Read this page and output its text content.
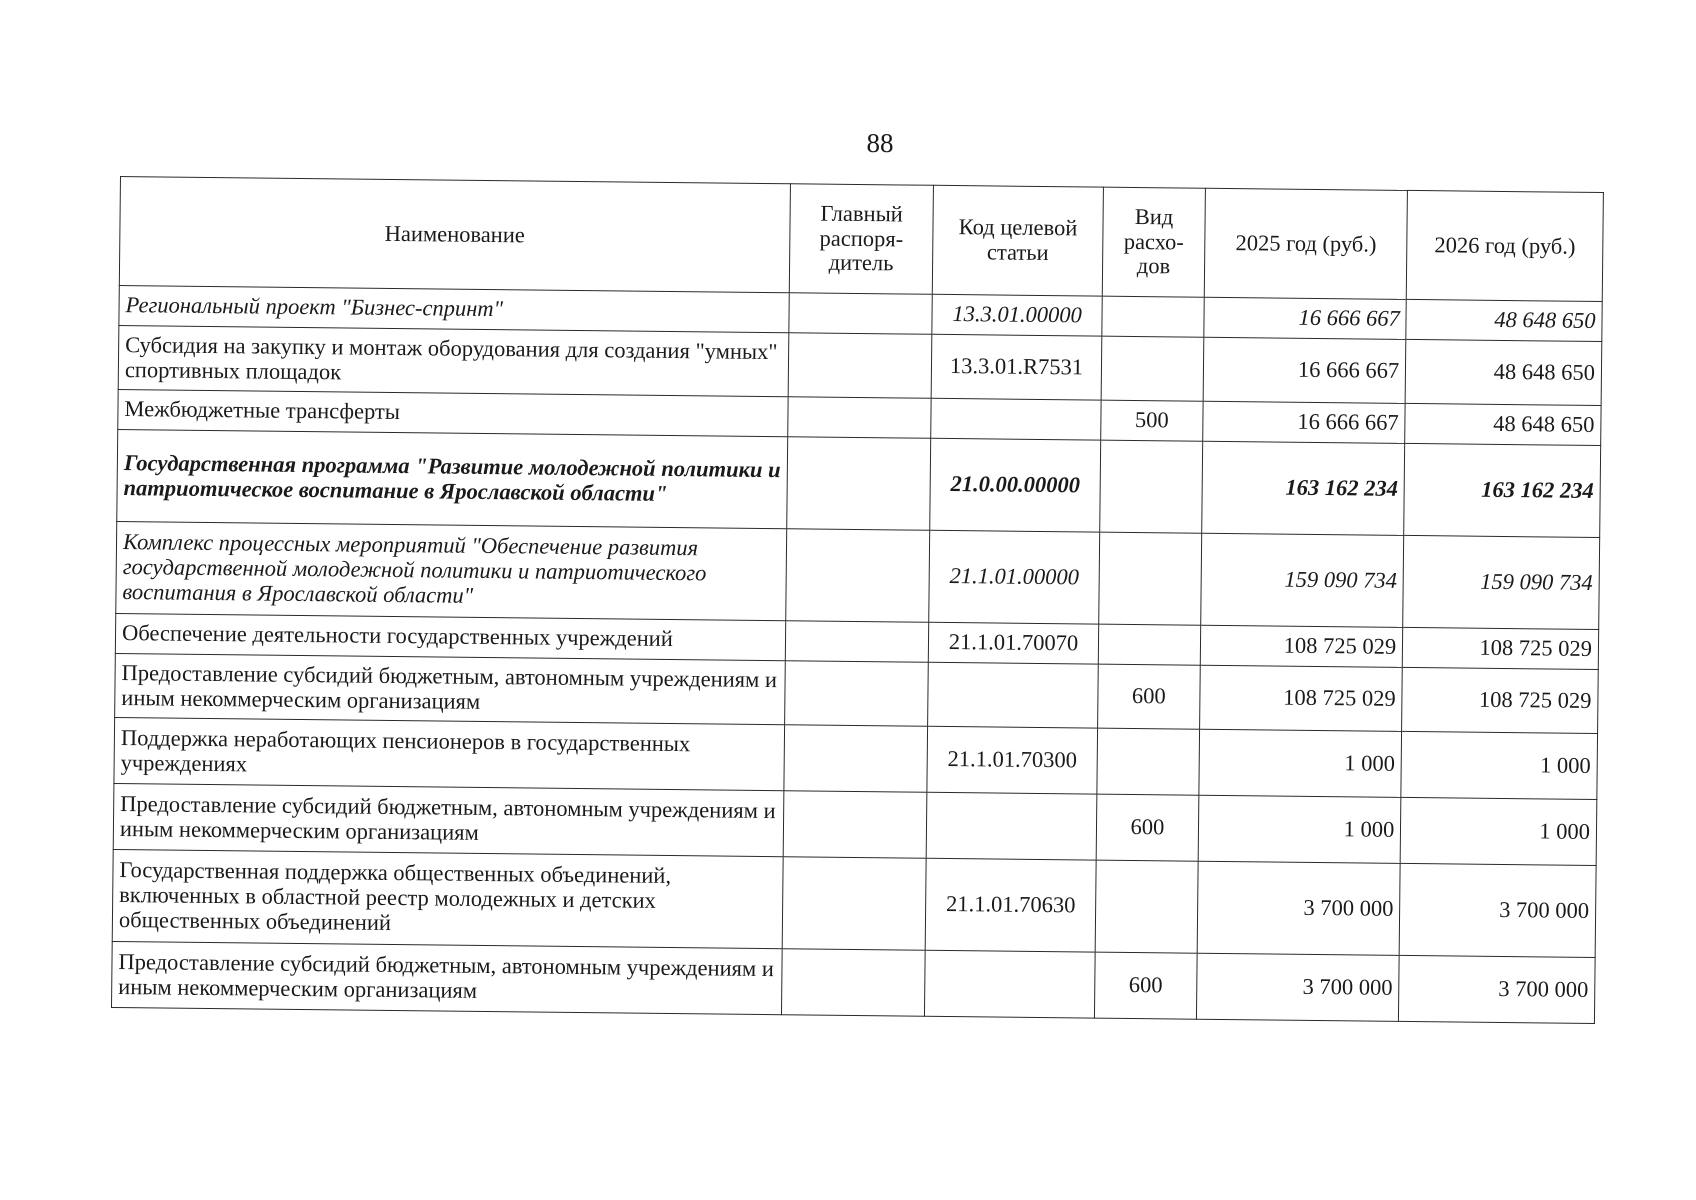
88
Наименование	Главный распоря-дитель	Код целевой статьи	Вид расхо-дов	2025 год (руб.)	2026 год (руб.)
Региональный проект "Бизнес-спринт"		13.3.01.00000		16 666 667	48 648 650
Субсидия на закупку и монтаж оборудования для создания "умных" спортивных площадок		13.3.01.R7531		16 666 667	48 648 650
Межбюджетные трансферты			500	16 666 667	48 648 650
Государственная программа "Развитие молодежной политики и патриотическое воспитание в Ярославской области"		21.0.00.00000		163 162 234	163 162 234
Комплекс процессных мероприятий "Обеспечение развития государственной молодежной политики и патриотического воспитания в Ярославской области"		21.1.01.00000		159 090 734	159 090 734
Обеспечение деятельности государственных учреждений		21.1.01.70070		108 725 029	108 725 029
Предоставление субсидий бюджетным, автономным учреждениям и иным некоммерческим организациям			600	108 725 029	108 725 029
Поддержка неработающих пенсионеров в государственных учреждениях		21.1.01.70300		1 000	1 000
Предоставление субсидий бюджетным, автономным учреждениям и иным некоммерческим организациям			600	1 000	1 000
Государственная поддержка общественных объединений, включенных в областной реестр молодежных и детских общественных объединений		21.1.01.70630		3 700 000	3 700 000
Предоставление субсидий бюджетным, автономным учреждениям и иным некоммерческим организациям			600	3 700 000	3 700 000
